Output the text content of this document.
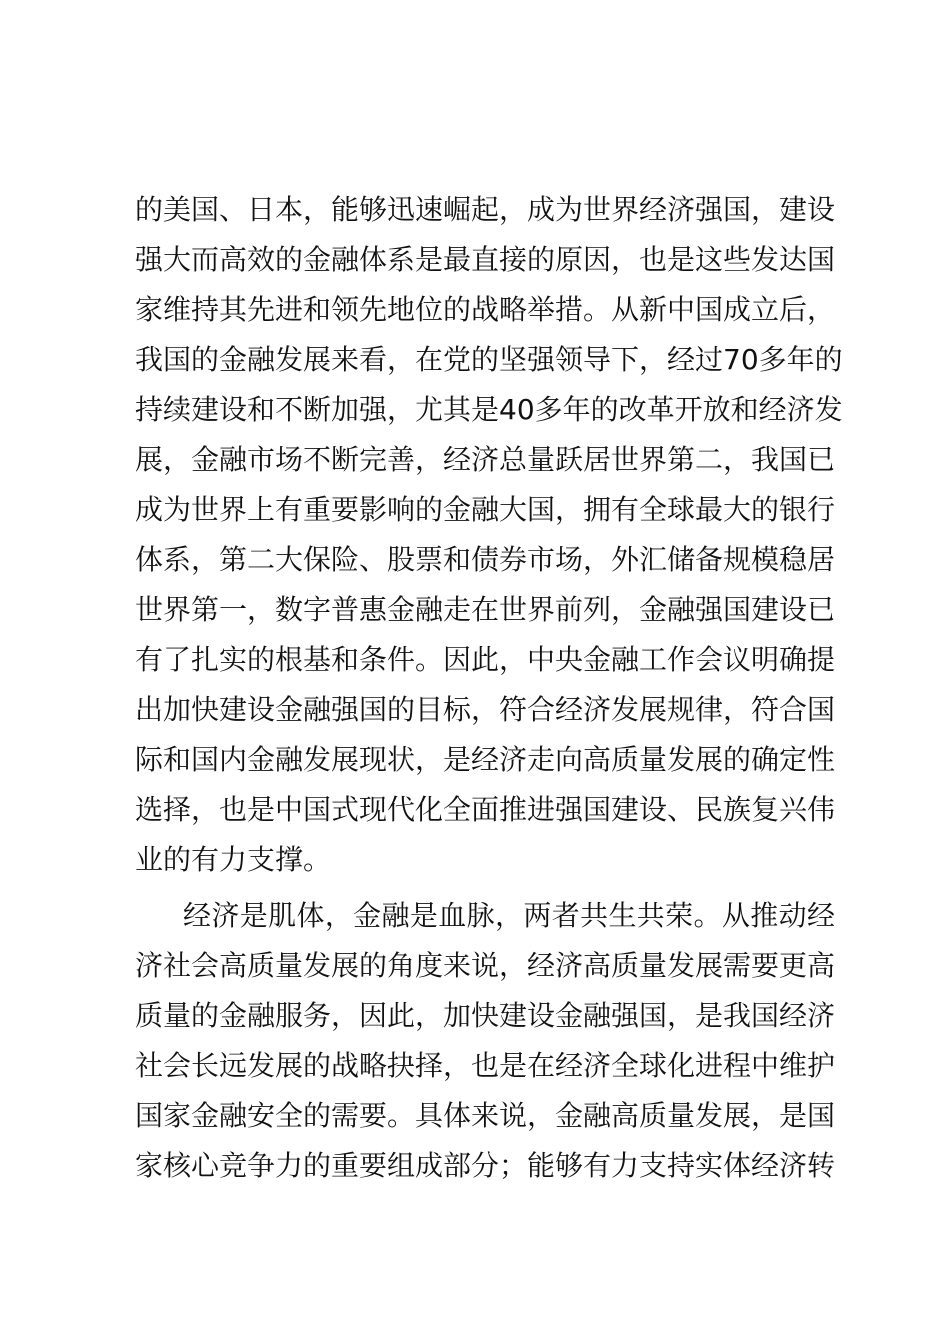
的美国、日本，能够迅速崛起，成为世界经济强国，建设
强大而高效的金融体系是最直接的原因，也是这些发达国
家维持其先进和领先地位的战略举措。从新中国成立后，
我国的金融发展来看，在党的坚强领导下，经过70多年的
持续建设和不断加强，尤其是40多年的改革开放和经济发
展，金融市场不断完善，经济总量跃居世界第二，我国已
成为世界上有重要影响的金融大国，拥有全球最大的银行
体系，第二大保险、股票和债券市场，外汇储备规模稳居
世界第一，数字普惠金融走在世界前列，金融强国建设已
有了扎实的根基和条件。因此，中央金融工作会议明确提
出加快建设金融强国的目标，符合经济发展规律，符合国
际和国内金融发展现状，是经济走向高质量发展的确定性
选择，也是中国式现代化全面推进强国建设、民族复兴伟
业的有力支撑。
经济是肌体，金融是血脉，两者共生共荣。从推动经
济社会高质量发展的角度来说，经济高质量发展需要更高
质量的金融服务，因此，加快建设金融强国，是我国经济
社会长远发展的战略抉择，也是在经济全球化进程中维护
国家金融安全的需要。具体来说，金融高质量发展，是国
家核心竞争力的重要组成部分；能够有力支持实体经济转
